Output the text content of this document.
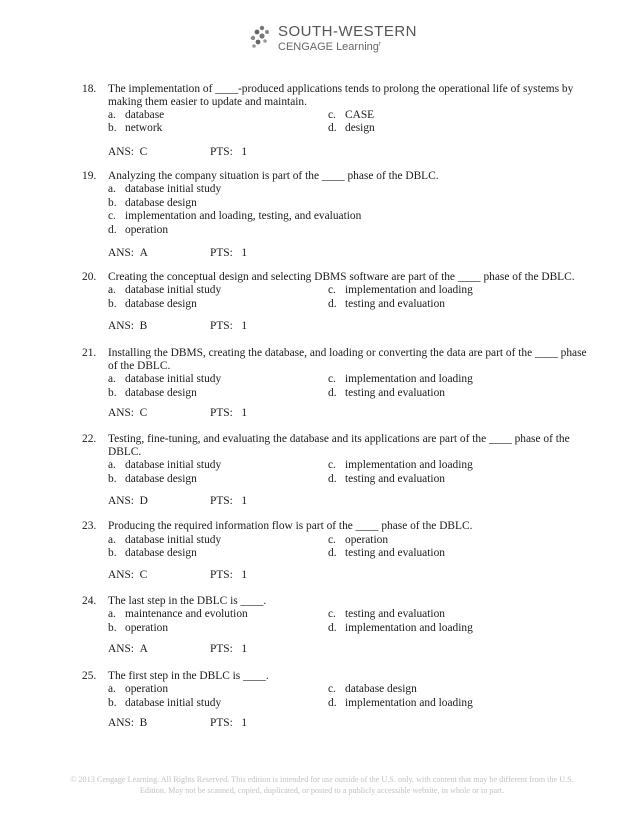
SOUTH-WESTERN
CENGAGE Learning$^r$
18. The implementation of ____-produced applications tends to prolong the operational life of systems by making them easier to update and maintain.
a. database
b. network
c. CASE
d. design
ANS: C	PTS: 1
19. Analyzing the company situation is part of the ____ phase of the DBLC.
a. database initial study
b. database design
c. implementation and loading, testing, and evaluation
d. operation
ANS: A	PTS: 1
20. Creating the conceptual design and selecting DBMS software are part of the ____ phase of the DBLC.
a. database initial study
b. database design
c. implementation and loading
d. testing and evaluation
ANS: B	PTS: 1
21. Installing the DBMS, creating the database, and loading or converting the data are part of the ____ phase of the DBLC.
a. database initial study
b. database design
c. implementation and loading
d. testing and evaluation
ANS: C	PTS: 1
22. Testing, fine-tuning, and evaluating the database and its applications are part of the ____ phase of the DBLC.
a. database initial study
b. database design
c. implementation and loading
d. testing and evaluation
ANS: D	PTS: 1
23. Producing the required information flow is part of the ____ phase of the DBLC.
a. database initial study
b. database design
c. operation
d. testing and evaluation
ANS: C	PTS: 1
24. The last step in the DBLC is ____.
a. maintenance and evolution
b. operation
c. testing and evaluation
d. implementation and loading
ANS: A	PTS: 1
25. The first step in the DBLC is ____.
a. operation
b. database initial study
c. database design
d. implementation and loading
ANS: B	PTS: 1
© 2013 Cengage Learning. All Rights Reserved. This edition is intended for use outside of the U.S. only, with content that may be different from the U.S. Edition. May not be scanned, copied, duplicated, or posted to a publicly accessible website, in whole or in part.
